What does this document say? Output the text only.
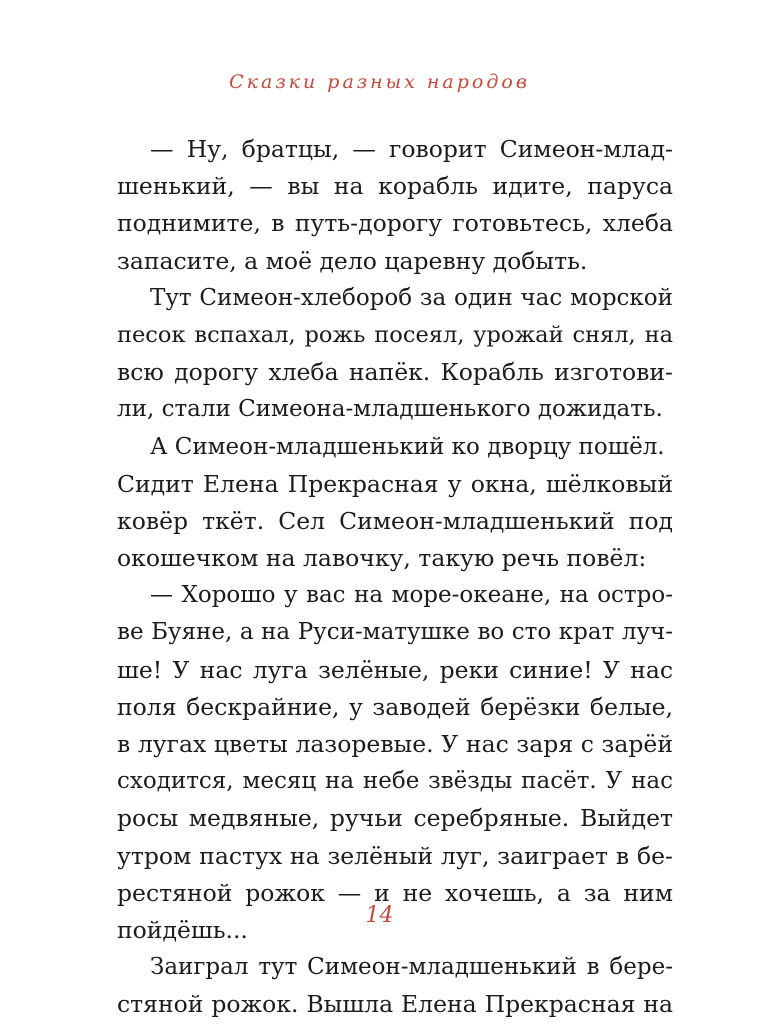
Сказки разных народов
— Ну, братцы, — говорит Симеон-млад-
шенький, — вы на корабль идите, паруса
поднимите, в путь-дорогу готовьтесь, хлеба
запасите, а моё дело царевну добыть.
Тут Симеон-хлебороб за один час морской
песок вспахал, рожь посеял, урожай снял, на
всю дорогу хлеба напёк. Корабль изготови-
ли, стали Симеона-младшенького дожидать.
А Симеон-младшенький ко дворцу пошёл.
Сидит Елена Прекрасная у окна, шёлковый
ковёр ткёт. Сел Симеон-младшенький под
окошечком на лавочку, такую речь повёл:
— Хорошо у вас на море-океане, на остро-
ве Буяне, а на Руси-матушке во сто крат луч-
ше! У нас луга зелёные, реки синие! У нас
поля бескрайние, у заводей берёзки белые,
в лугах цветы лазоревые. У нас заря с зарёй
сходится, месяц на небе звёзды пасёт. У нас
росы медвяные, ручьи серебряные. Выйдет
утром пастух на зелёный луг, заиграет в бе-
рестяной рожок — и не хочешь, а за ним
пойдёшь...
Заиграл тут Симеон-младшенький в бере-
стяной рожок. Вышла Елена Прекрасная на
14
